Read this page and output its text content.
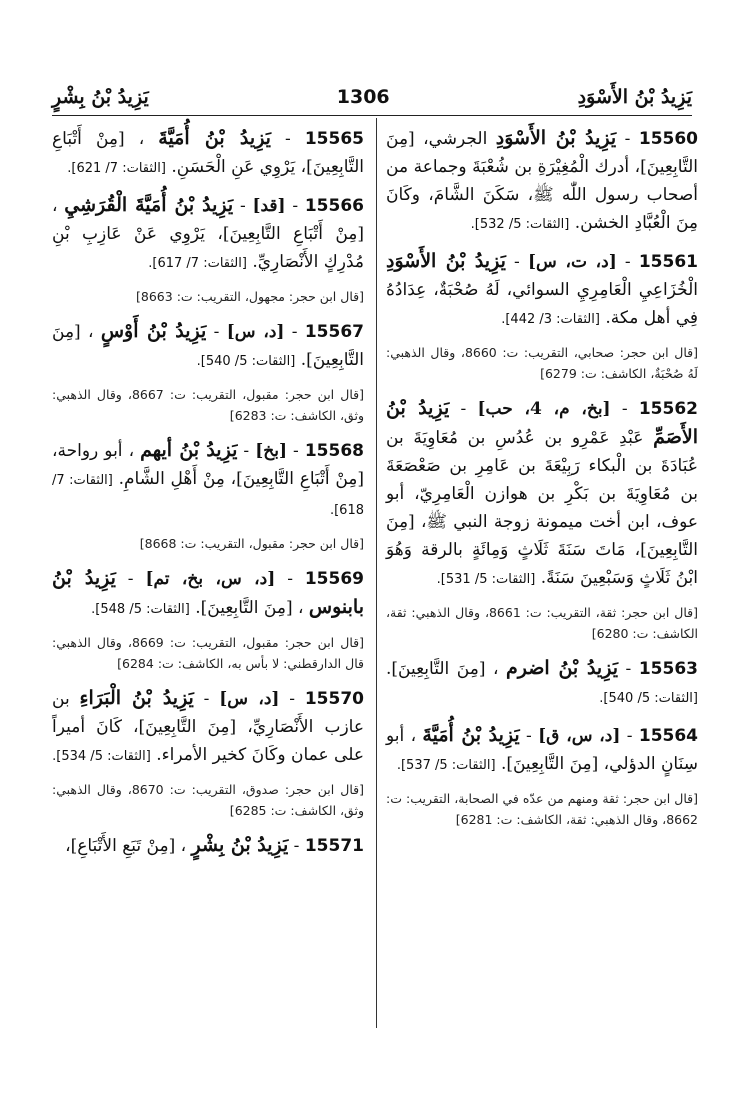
يَزِيدُ بْنُ بِشْرٍ	1306	يَزِيدُ بْنُ الأَسْوَدِ
15560 - يَزِيدُ بْنُ الأَسْوَدِ الجرشي، [مِنَ التَّابِعِينَ]، أدرك الْمُغِيْرَةِ بن شُعْبَةَ وجماعة من أصحاب رسول اللّٰه ﷺ، سَكَنَ الشَّامَ، وكَانَ مِنَ الْعُبَّادِ الخشن. [الثقات: 5/ 532].
15561 - [د، ت، س] - يَزِيدُ بْنُ الأَسْوَدِ الْخُزَاعِيِ الْعَامِرِيِ السوائي، لَهُ صُحْبَةٌ، عِدَادُهُ فِي أهل مكة. [الثقات: 3/ 442].
[قال ابن حجر: صحابي، التقريب: ت: 8660، وقال الذهبي: لَهُ صُحْبَةٌ، الكاشف: ت: 6279]
15562 - [بخ، م، 4، حب] - يَزِيدُ بْنُ الأَصَمِّ عَبْدِ عَمْرِو بن عُدُسِ بن مُعَاوِيَةَ بن عُبَادَةَ بن الْبكاء رَبِيْعَةَ بن عَامِرِ بن صَعْصَعَةَ بن مُعَاوِيَةَ بن بَكْرِ بن هوازن الْعَامِرِيّ، أبو عوف، ابن أخت ميمونة زوجة النبي ﷺ، [مِنَ التَّابِعِينَ]، مَاتَ سَنَةَ ثَلَاثٍ وَمِائَةٍ بالرقة وَهُوَ ابْنُ ثَلَاثٍ وَسَبْعِينَ سَنَةً. [الثقات: 5/ 531].
[قال ابن حجر: ثقة، التقريب: ت: 8661، وقال الذهبي: ثقة، الكاشف: ت: 6280]
15563 - يَزِيدُ بْنُ اضرم ، [مِنَ التَّابِعِينَ]. [الثقات: 5/ 540].
15564 - [د، س، ق] - يَزِيدُ بْنُ أُمَيَّةَ ، أبو سِنَانٍ الدؤلي، [مِنَ التَّابِعِينَ]. [الثقات: 5/ 537].
[قال ابن حجر: ثقة ومنهم من عدّه في الصحابة، التقريب: ت: 8662، وقال الذهبي: ثقة، الكاشف: ت: 6281]
15565 - يَزِيدُ بْنُ أُمَيَّةَ ، [مِنْ أَتْبَاعِ التَّابِعِينَ]، يَرْوِي عَنِ الْحَسَنِ. [الثقات: 7/ 621].
15566 - [قد] - يَزِيدُ بْنُ أُمَيَّةَ الْقُرَشِيِ ، [مِنْ أَتْبَاعِ التَّابِعِينَ]، يَرْوِي عَنْ عَازِبِ بْنِ مُدْرِكٍ الأَنْصَارِيِّ. [الثقات: 7/ 617].
[قال ابن حجر: مجهول، التقريب: ت: 8663]
15567 - [د، س] - يَزِيدُ بْنُ أَوْسٍ ، [مِنَ التَّابِعِينَ]. [الثقات: 5/ 540].
[قال ابن حجر: مقبول، التقريب: ت: 8667، وقال الذهبي: وثق، الكاشف: ت: 6283]
15568 - [بخ] - يَزِيدُ بْنُ أيهم ، أبو رواحة، [مِنْ أَتْبَاعِ التَّابِعِينَ]، مِنْ أَهْلِ الشَّامِ. [الثقات: 7/ 618].
[قال ابن حجر: مقبول، التقريب: ت: 8668]
15569 - [د، س، بخ، تم] - يَزِيدُ بْنُ بابنوس ، [مِنَ التَّابِعِينَ]. [الثقات: 5/ 548].
[قال ابن حجر: مقبول، التقريب: ت: 8669، وقال الذهبي: قال الدارقطني: لا بأس به، الكاشف: ت: 6284]
15570 - [د، س] - يَزِيدُ بْنُ الْبَرَاءِ بن عازب الأَنْصَارِيِّ، [مِنَ التَّابِعِينَ]، كَانَ أميراً على عمان وكَانَ كخير الأمراء. [الثقات: 5/ 534].
[قال ابن حجر: صدوق، التقريب: ت: 8670، وقال الذهبي: وثق، الكاشف: ت: 6285]
15571 - يَزِيدُ بْنُ بِشْرٍ ، [مِنْ تَبَعِ الأَتْبَاعِ]،
